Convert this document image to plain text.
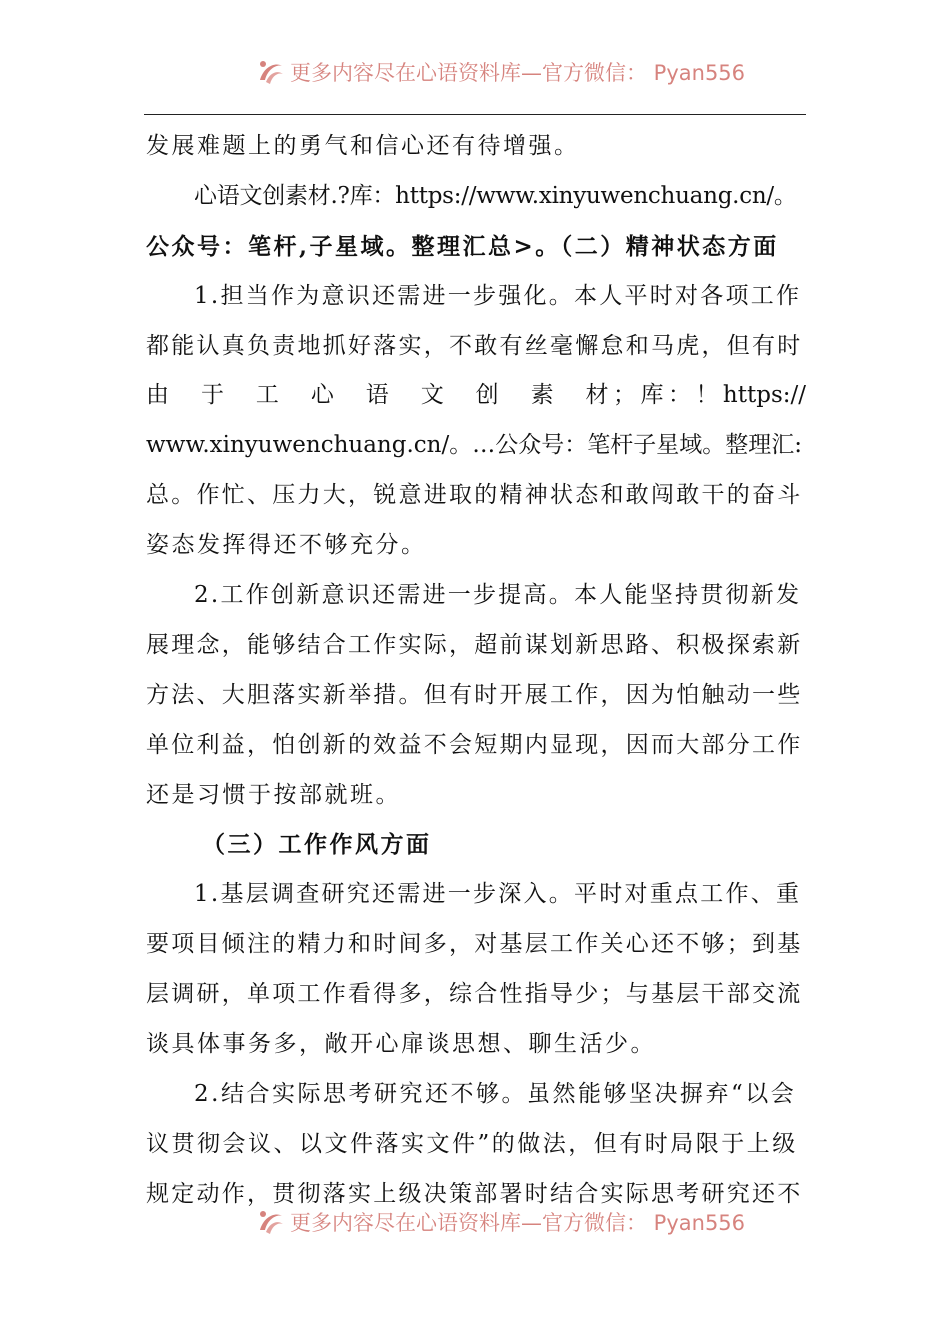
更多内容尽在心语资料库—官方微信： Pyan556
发展难题上的勇气和信心还有待增强。
心语文创素材.?库：https://www.xinyuwenchuang.cn/。
公众号：笔杆,子星域。整理汇总>。（二）精神状态方面
1.担当作为意识还需进一步强化。本人平时对各项工作
都能认真负责地抓好落实，不敢有丝毫懈怠和马虎，但有时
由　于　工　心　语　文　创　素　材；库：！https://
www.xinyuwenchuang.cn/。…公众号：笔杆子星域。整理汇:
总。作忙、压力大，锐意进取的精神状态和敢闯敢干的奋斗
姿态发挥得还不够充分。
2.工作创新意识还需进一步提高。本人能坚持贯彻新发
展理念，能够结合工作实际，超前谋划新思路、积极探索新
方法、大胆落实新举措。但有时开展工作，因为怕触动一些
单位利益，怕创新的效益不会短期内显现，因而大部分工作
还是习惯于按部就班。
（三）工作作风方面
1.基层调查研究还需进一步深入。平时对重点工作、重
要项目倾注的精力和时间多，对基层工作关心还不够；到基
层调研，单项工作看得多，综合性指导少；与基层干部交流
谈具体事务多，敞开心扉谈思想、聊生活少。
2.结合实际思考研究还不够。虽然能够坚决摒弃“以会
议贯彻会议、以文件落实文件”的做法，但有时局限于上级
规定动作，贯彻落实上级决策部署时结合实际思考研究还不
更多内容尽在心语资料库—官方微信： Pyan556
